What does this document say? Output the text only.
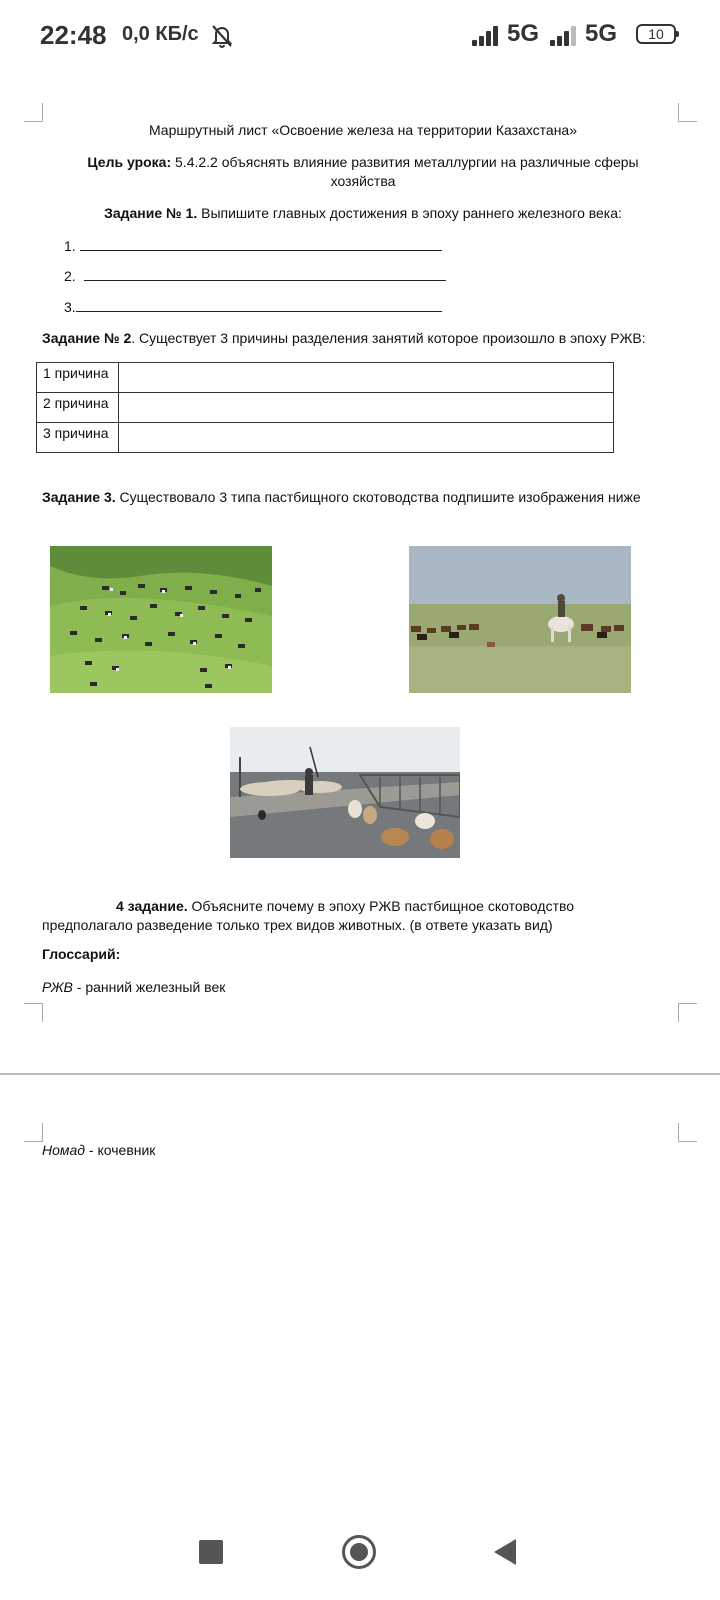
22:48 0,0 КБ/с	5G 5G	10
Маршрутный лист «Освоение железа на территории Казахстана»
Цель урока: 5.4.2.2 объяснять влияние развития металлургии на различные сферы
хозяйства
Задание № 1. Выпишите главных достижения в эпоху раннего железного века:
1.
2.
3.
Задание № 2. Существует 3 причины разделения занятий которое произошло в эпоху РЖВ:
1 причина	
2 причина	
3 причина	
Задание 3. Существовало 3 типа пастбищного скотоводства подпишите изображения ниже
4 задание. Объясните почему в эпоху РЖВ пастбищное скотоводство
предполагало разведение только трех видов животных. (в ответе указать вид)
Глоссарий:
РЖВ - ранний железный век
Номад - кочевник
